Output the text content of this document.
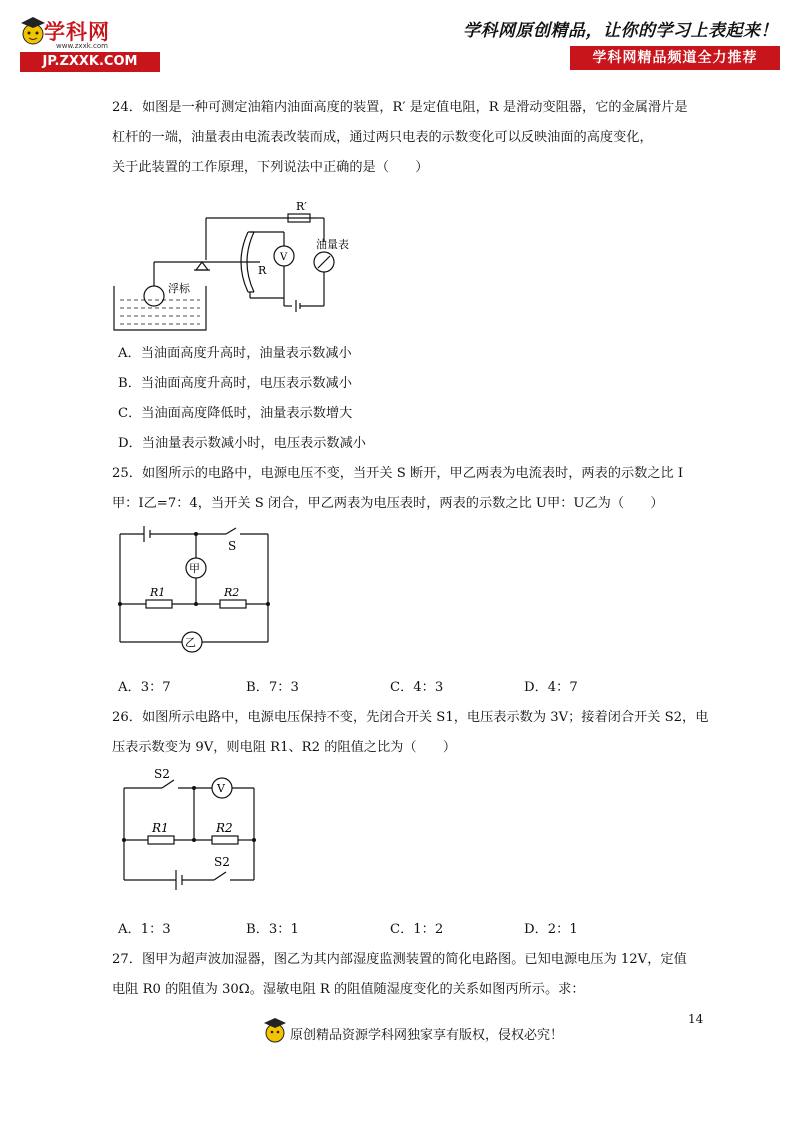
学科网
www.zxxk.com
JP.ZXXK.COM
学科网原创精品，让你的学习上表起来！
学科网精品频道全力推荐
24．如图是一种可测定油箱内油面高度的装置，R′ 是定值电阻，R 是滑动变阻器，它的金属滑片是
杠杆的一端，油量表由电流表改装而成，通过两只电表的示数变化可以反映油面的高度变化，
关于此装置的工作原理，下列说法中正确的是（　　）
R′
R
V
油量表
浮标
A．当油面高度升高时，油量表示数减小
B．当油面高度升高时，电压表示数减小
C．当油面高度降低时，油量表示数增大
D．当油量表示数减小时，电压表示数减小
25．如图所示的电路中，电源电压不变，当开关 S 断开，甲乙两表为电流表时，两表的示数之比 I
甲：I乙=7：4，当开关 S 闭合，甲乙两表为电压表时，两表的示数之比 U甲：U乙为（　　）
S
甲
乙
R1	R2
A．3：7	B．7：3	C．4：3	D．4：7
26．如图所示电路中，电源电压保持不变，先闭合开关 S1，电压表示数为 3V；接着闭合开关 S2，电
压表示数变为 9V，则电阻 R1、R2 的阻值之比为（　　）
S2
V
R1	R2
S2
A．1：3	B．3：1	C．1：2	D．2：1
27．图甲为超声波加湿器，图乙为其内部湿度监测装置的简化电路图。已知电源电压为 12V，定值
电阻 R0 的阻值为 30Ω。湿敏电阻 R 的阻值随湿度变化的关系如图丙所示。求：
14
原创精品资源学科网独家享有版权，侵权必究！
